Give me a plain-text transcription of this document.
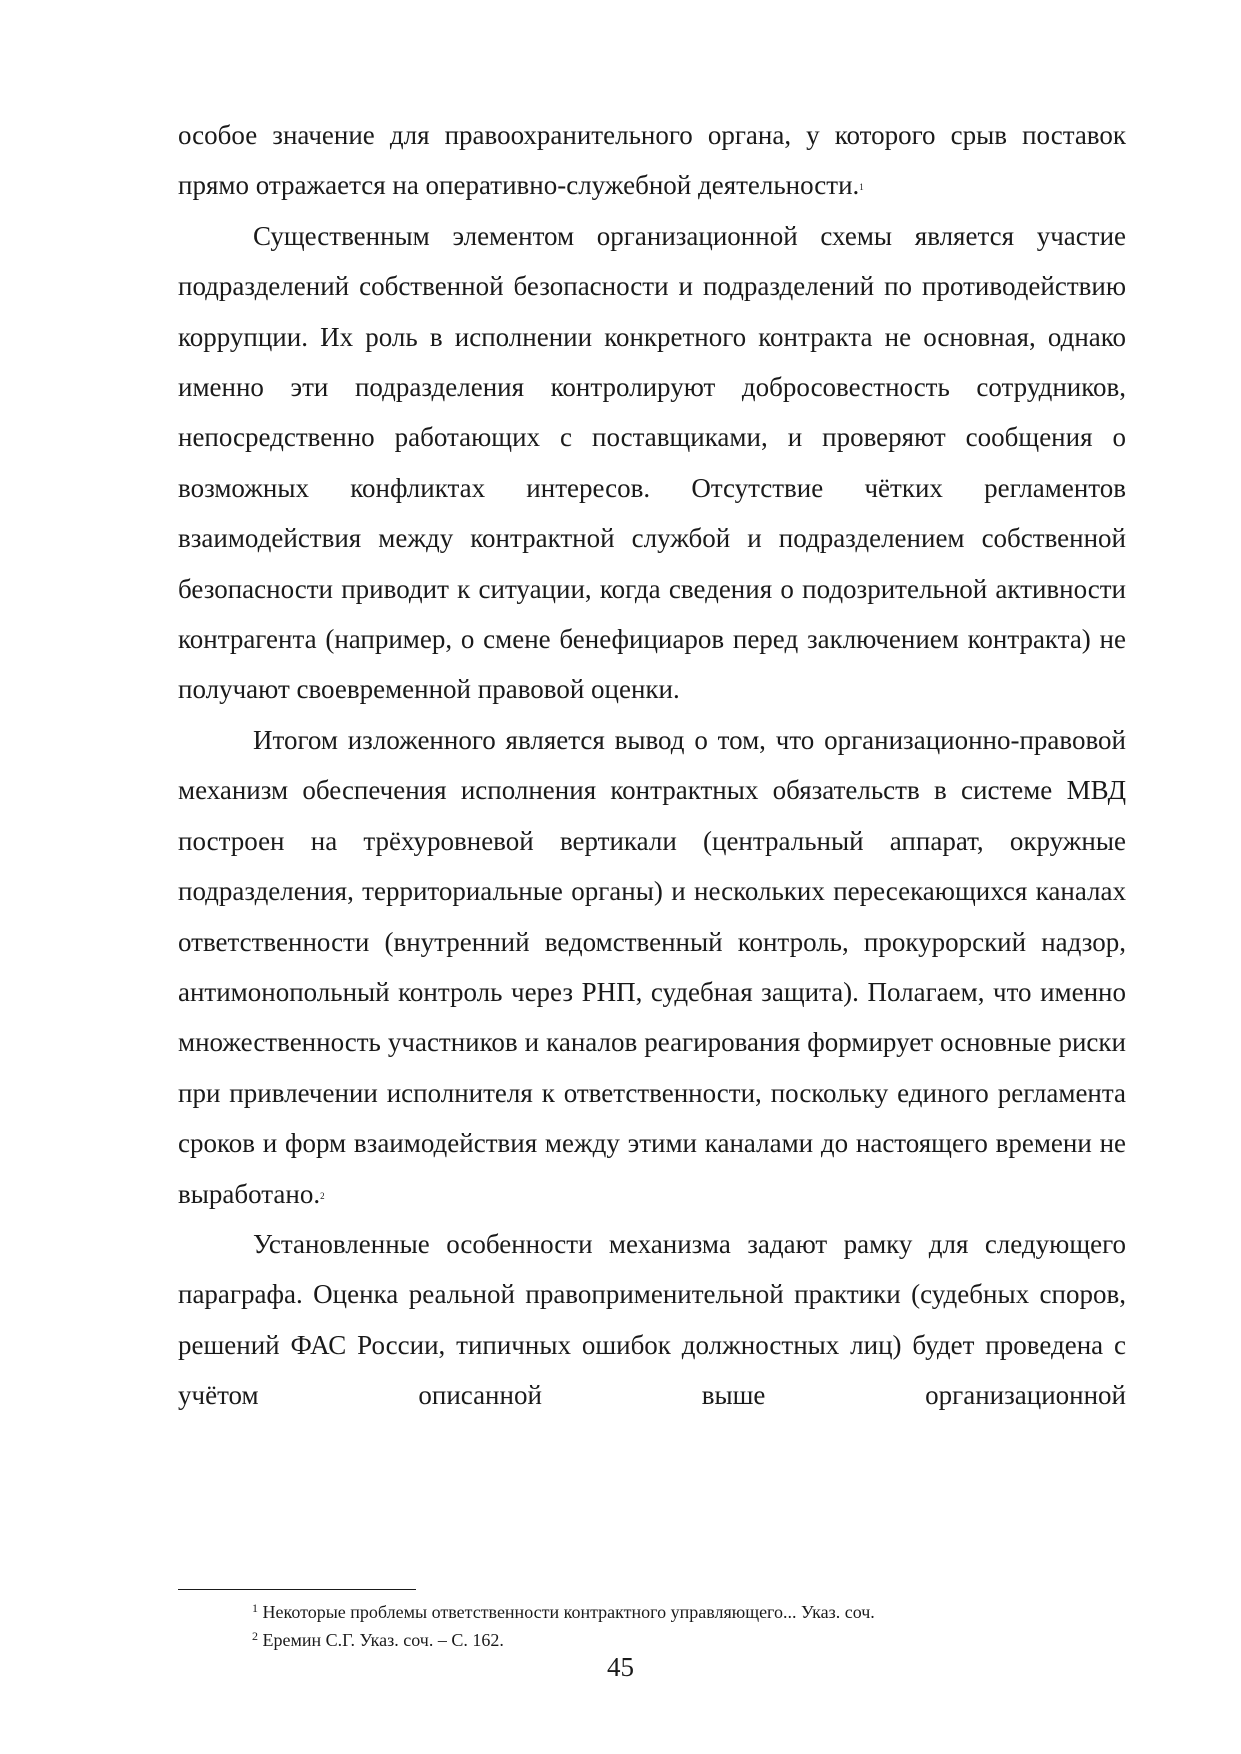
особое значение для правоохранительного органа, у которого срыв поставок прямо отражается на оперативно-служебной деятельности.$^1$

Существенным элементом организационной схемы является участие подразделений собственной безопасности и подразделений по противодействию коррупции. Их роль в исполнении конкретного контракта не основная, однако именно эти подразделения контролируют добросовестность сотрудников, непосредственно работающих с поставщиками, и проверяют сообщения о возможных конфликтах интересов. Отсутствие чётких регламентов взаимодействия между контрактной службой и подразделением собственной безопасности приводит к ситуации, когда сведения о подозрительной активности контрагента (например, о смене бенефициаров перед заключением контракта) не получают своевременной правовой оценки.

Итогом изложенного является вывод о том, что организационно-правовой механизм обеспечения исполнения контрактных обязательств в системе МВД построен на трёхуровневой вертикали (центральный аппарат, окружные подразделения, территориальные органы) и нескольких пересекающихся каналах ответственности (внутренний ведомственный контроль, прокурорский надзор, антимонопольный контроль через РНП, судебная защита). Полагаем, что именно множественность участников и каналов реагирования формирует основные риски при привлечении исполнителя к ответственности, поскольку единого регламента сроков и форм взаимодействия между этими каналами до настоящего времени не выработано.$^2$

Установленные особенности механизма задают рамку для следующего параграфа. Оценка реальной правоприменительной практики (судебных споров, решений ФАС России, типичных ошибок должностных лиц) будет проведена с учётом описанной выше организационной

$^1$ Некоторые проблемы ответственности контрактного управляющего... Указ. соч.

$^2$ Еремин С.Г. Указ. соч. – С. 162.

45
